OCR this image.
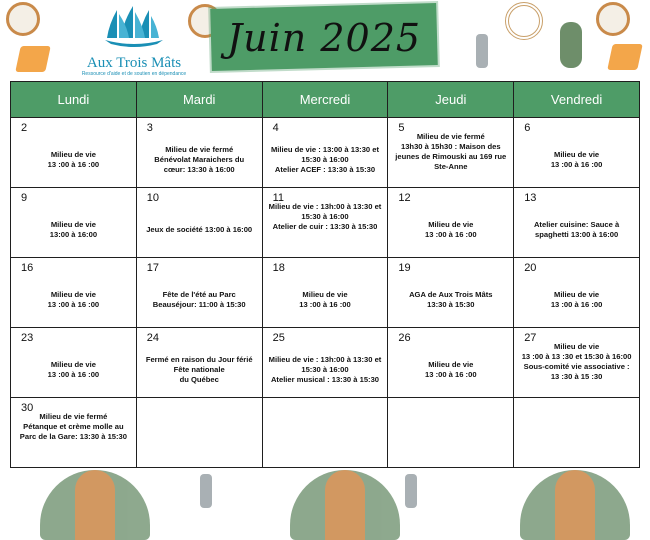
Aux Trois Mâts
Ressource d'aide et de soutien en dépendance
Juin 2025
Lundi	Mardi	Mercredi	Jeudi	Vendredi

2
Milieu de vie
13 :00 à 16 :00	3
Milieu de vie fermé
Bénévolat Maraichers du cœur: 13:30 à 16:00	4
Milieu de vie : 13:00 à 13:30 et 15:30 à 16:00
Atelier ACEF : 13:30 à 15:30	5
Milieu de vie fermé
13h30 à 15h30 : Maison des jeunes de Rimouski au 169 rue Ste-Anne	6
Milieu de vie
13 :00 à 16 :00

9
Milieu de vie
13:00 à 16:00	10
Jeux de société 13:00 à 16:00	11
Milieu de vie : 13h:00 à 13:30 et 15:30 à 16:00
Atelier de cuir : 13:30 à 15:30	12
Milieu de vie
13 :00 à 16 :00	13
Atelier cuisine: Sauce à spaghetti 13:00 à 16:00

16
Milieu de vie
13 :00 à 16 :00	17
Fête de l'été au Parc Beauséjour: 11:00 à 15:30	18
Milieu de vie
13 :00 à 16 :00	19
AGA de Aux Trois Mâts
13:30 à 15:30	20
Milieu de vie
13 :00 à 16 :00

23
Milieu de vie
13 :00 à 16 :00	24
Fermé en raison du Jour férié
Fête nationale
du Québec	25
Milieu de vie : 13h:00 à 13:30 et 15:30 à 16:00
Atelier musical : 13:30 à 15:30	26
Milieu de vie
13 :00 à 16 :00	27
Milieu de vie
13 :00 à 13 :30 et 15:30 à 16:00
Sous-comité vie associative : 13 :30 à 15 :30

30
Milieu de vie fermé
Pétanque et crème molle au Parc de la Gare: 13:30 à 15:30				
